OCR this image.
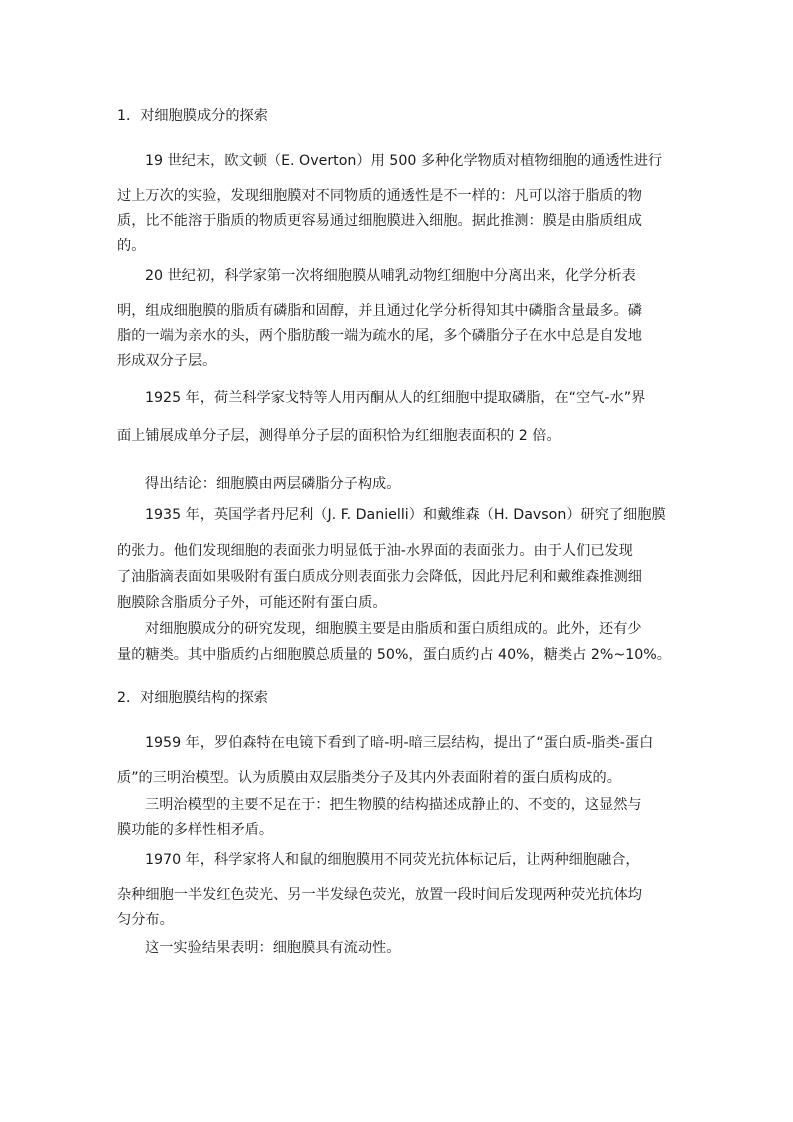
1．对细胞膜成分的探索
19 世纪末，欧文顿（E. Overton）用 500 多种化学物质对植物细胞的通透性进行
过上万次的实验，发现细胞膜对不同物质的通透性是不一样的：凡可以溶于脂质的物
质，比不能溶于脂质的物质更容易通过细胞膜进入细胞。据此推测：膜是由脂质组成
的。
20 世纪初，科学家第一次将细胞膜从哺乳动物红细胞中分离出来，化学分析表
明，组成细胞膜的脂质有磷脂和固醇，并且通过化学分析得知其中磷脂含量最多。磷
脂的一端为亲水的头，两个脂肪酸一端为疏水的尾，多个磷脂分子在水中总是自发地
形成双分子层。
1925 年，荷兰科学家戈特等人用丙酮从人的红细胞中提取磷脂，在“空气-水”界
面上铺展成单分子层，测得单分子层的面积恰为红细胞表面积的 2 倍。
得出结论：细胞膜由两层磷脂分子构成。
1935 年，英国学者丹尼利（J. F. Danielli）和戴维森（H. Davson）研究了细胞膜
的张力。他们发现细胞的表面张力明显低于油-水界面的表面张力。由于人们已发现
了油脂滴表面如果吸附有蛋白质成分则表面张力会降低，因此丹尼利和戴维森推测细
胞膜除含脂质分子外，可能还附有蛋白质。
对细胞膜成分的研究发现，细胞膜主要是由脂质和蛋白质组成的。此外，还有少
量的糖类。其中脂质约占细胞膜总质量的 50%，蛋白质约占 40%，糖类占 2%~10%。
2．对细胞膜结构的探索
1959 年，罗伯森特在电镜下看到了暗-明-暗三层结构，提出了“蛋白质-脂类-蛋白
质”的三明治模型。认为质膜由双层脂类分子及其内外表面附着的蛋白质构成的。
三明治模型的主要不足在于：把生物膜的结构描述成静止的、不变的，这显然与
膜功能的多样性相矛盾。
1970 年，科学家将人和鼠的细胞膜用不同荧光抗体标记后，让两种细胞融合，
杂种细胞一半发红色荧光、另一半发绿色荧光，放置一段时间后发现两种荧光抗体均
匀分布。
这一实验结果表明：细胞膜具有流动性。
